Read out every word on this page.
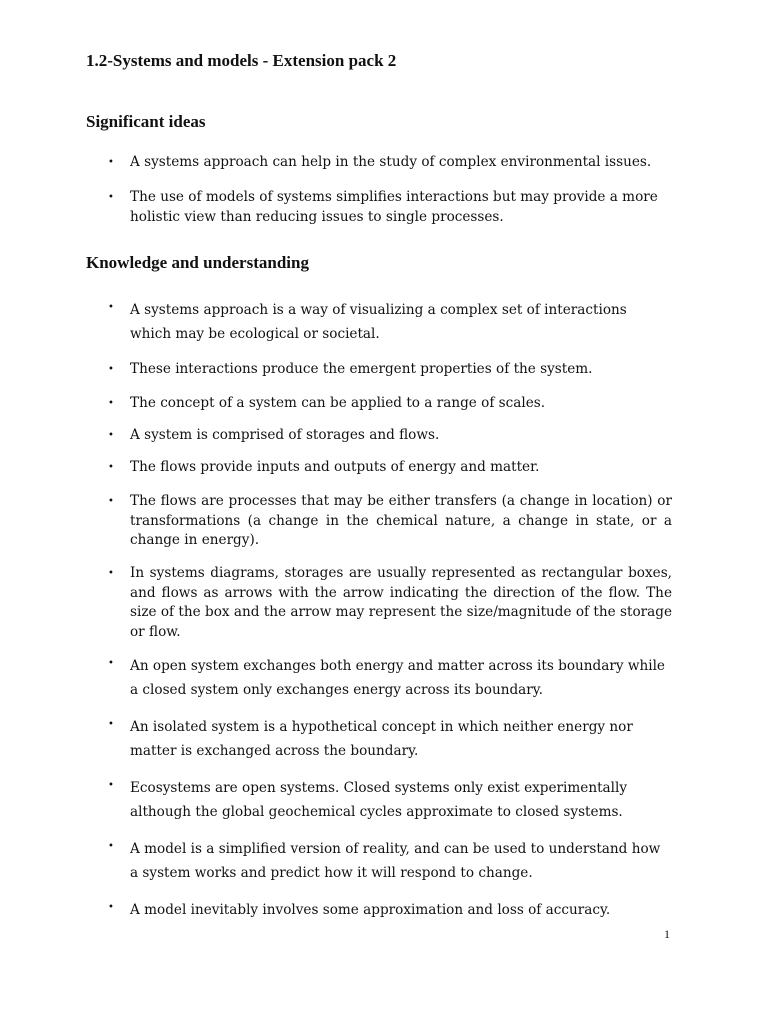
1.2-Systems and models - Extension pack 2
Significant ideas
•	A systems approach can help in the study of complex environmental issues.
•	The use of models of systems simplifies interactions but may provide a more holistic view than reducing issues to single processes.
Knowledge and understanding
•	A systems approach is a way of visualizing a complex set of interactions which may be ecological or societal.
•	These interactions produce the emergent properties of the system.
•	The concept of a system can be applied to a range of scales.
•	A system is comprised of storages and flows.
•	The flows provide inputs and outputs of energy and matter.
•	The flows are processes that may be either transfers (a change in location) or transformations (a change in the chemical nature, a change in state, or a change in energy).
•	In systems diagrams, storages are usually represented as rectangular boxes, and flows as arrows with the arrow indicating the direction of the flow. The size of the box and the arrow may represent the size/magnitude of the storage or flow.
•	An open system exchanges both energy and matter across its boundary while a closed system only exchanges energy across its boundary.
•	An isolated system is a hypothetical concept in which neither energy nor matter is exchanged across the boundary.
•	Ecosystems are open systems. Closed systems only exist experimentally although the global geochemical cycles approximate to closed systems.
•	A model is a simplified version of reality, and can be used to understand how a system works and predict how it will respond to change.
•	A model inevitably involves some approximation and loss of accuracy.
1
